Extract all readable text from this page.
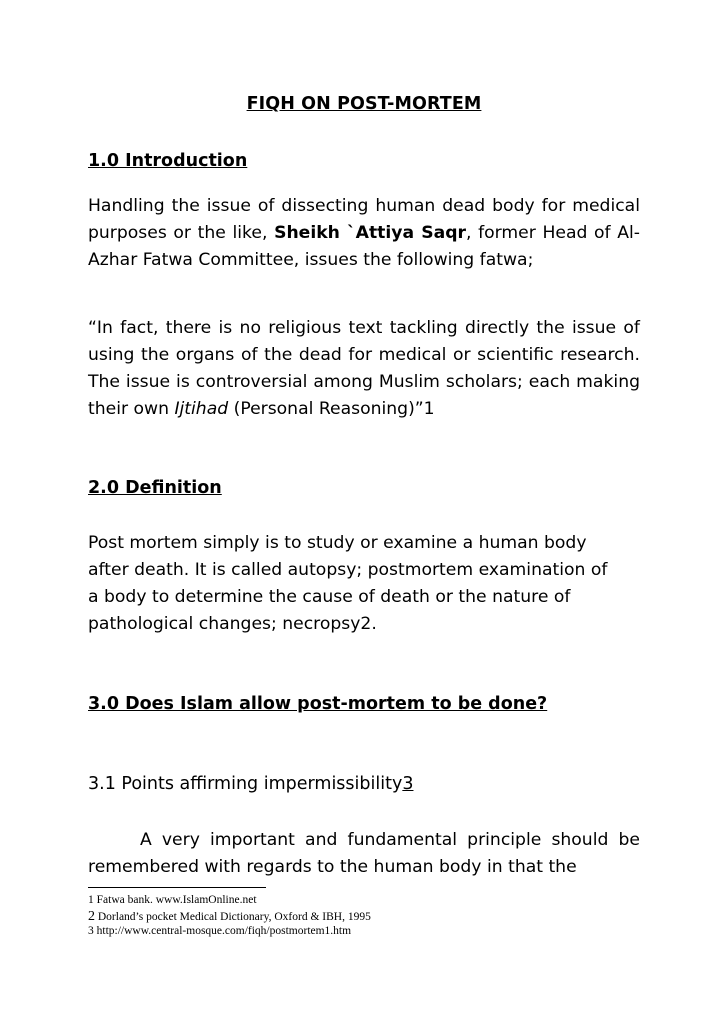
FIQH ON POST-MORTEM
1.0 Introduction
Handling the issue of dissecting human dead body for medical purposes or the like, Sheikh `Attiya Saqr, former Head of Al-Azhar Fatwa Committee, issues the following fatwa;
“In fact, there is no religious text tackling directly the issue of using the organs of the dead for medical or scientific research. The issue is controversial among Muslim scholars; each making their own Ijtihad (Personal Reasoning)”1
2.0 Definition
Post mortem simply is to study or examine a human body
after death. It is called autopsy; postmortem examination of
a body to determine the cause of death or the nature of
pathological changes; necropsy2.
3.0 Does Islam allow post-mortem to be done?
3.1 Points affirming impermissibility3
A very important and fundamental principle should be remembered with regards to the human body in that the
1 Fatwa bank. www.IslamOnline.net
2 Dorland’s pocket Medical Dictionary, Oxford & IBH, 1995
3 http://www.central-mosque.com/fiqh/postmortem1.htm
